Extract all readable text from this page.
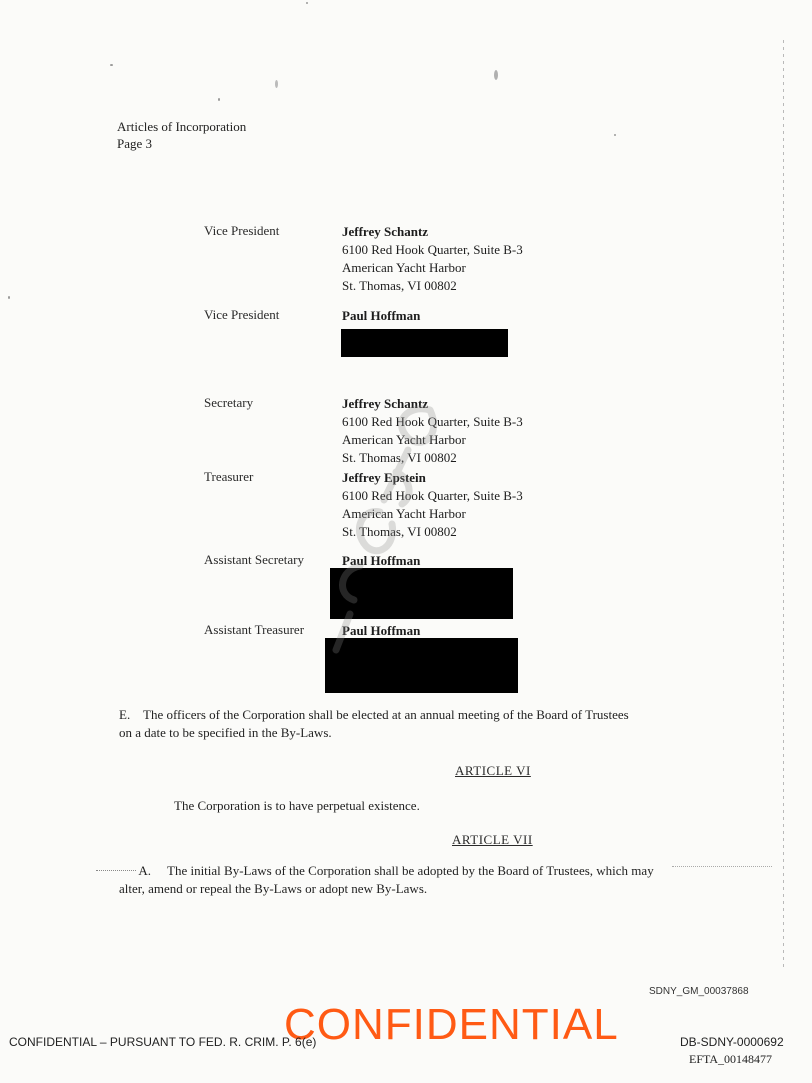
Articles of Incorporation
Page 3
Vice President	Jeffrey Schantz
6100 Red Hook Quarter, Suite B-3
American Yacht Harbor
St. Thomas, VI 00802
Vice President	Paul Hoffman
Secretary	Jeffrey Schantz
6100 Red Hook Quarter, Suite B-3
American Yacht Harbor
St. Thomas, VI 00802
Treasurer	Jeffrey Epstein
6100 Red Hook Quarter, Suite B-3
American Yacht Harbor
St. Thomas, VI 00802
Assistant Secretary	Paul Hoffman
Assistant Treasurer	Paul Hoffman
E. The officers of the Corporation shall be elected at an annual meeting of the Board of Trustees
on a date to be specified in the By-Laws.
ARTICLE VI
The Corporation is to have perpetual existence.
ARTICLE VII
A. The initial By-Laws of the Corporation shall be adopted by the Board of Trustees, which may
alter, amend or repeal the By-Laws or adopt new By-Laws.
SDNY_GM_00037868
CONFIDENTIAL
CONFIDENTIAL – PURSUANT TO FED. R. CRIM. P. 6(e)	DB-SDNY-0000692
EFTA_00148477
